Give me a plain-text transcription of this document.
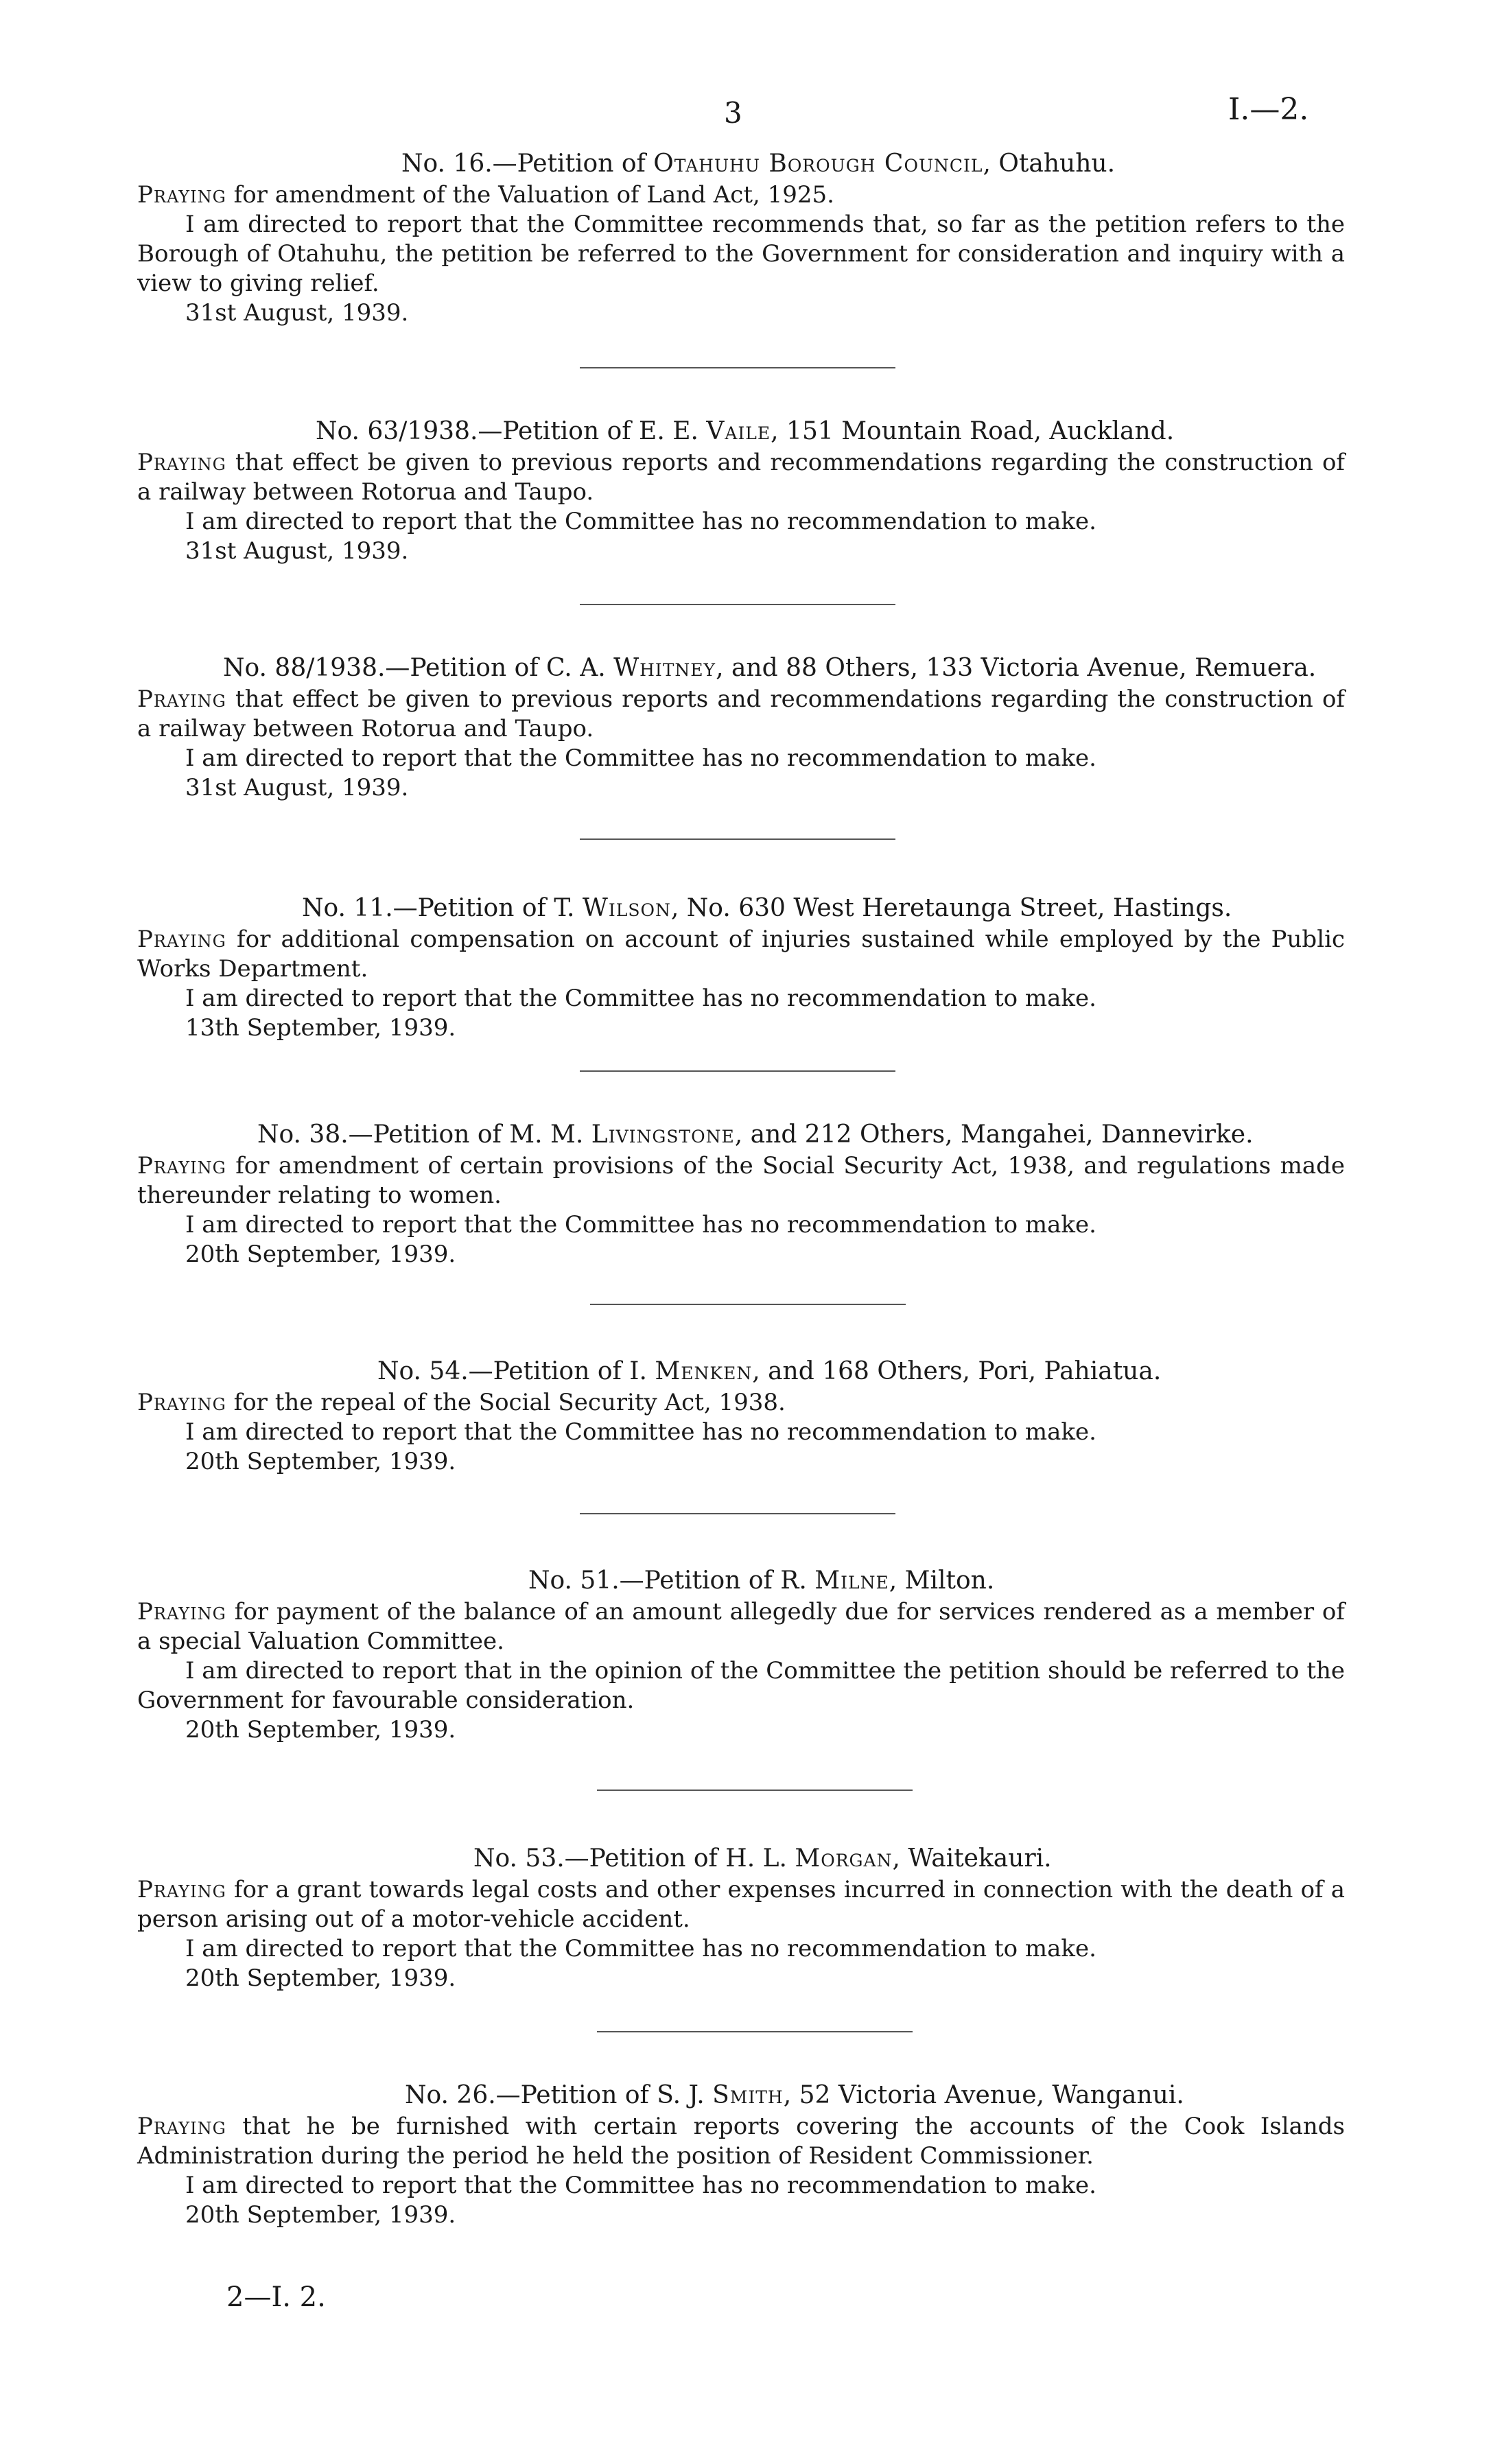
3	I.—2.
No. 16.—Petition of Otahuhu Borough Council, Otahuhu.
Praying for amendment of the Valuation of Land Act, 1925.
I am directed to report that the Committee recommends that, so far as the petition refers to the Borough of Otahuhu, the petition be referred to the Government for consideration and inquiry with a view to giving relief.
31st August, 1939.
No. 63/1938.—Petition of E. E. Vaile, 151 Mountain Road, Auckland.
Praying that effect be given to previous reports and recommendations regarding the construction of a railway between Rotorua and Taupo.
I am directed to report that the Committee has no recommendation to make.
31st August, 1939.
No. 88/1938.—Petition of C. A. Whitney, and 88 Others, 133 Victoria Avenue, Remuera.
Praying that effect be given to previous reports and recommendations regarding the construction of a railway between Rotorua and Taupo.
I am directed to report that the Committee has no recommendation to make.
31st August, 1939.
No. 11.—Petition of T. Wilson, No. 630 West Heretaunga Street, Hastings.
Praying for additional compensation on account of injuries sustained while employed by the Public Works Department.
I am directed to report that the Committee has no recommendation to make.
13th September, 1939.
No. 38.—Petition of M. M. Livingstone, and 212 Others, Mangahei, Dannevirke.
Praying for amendment of certain provisions of the Social Security Act, 1938, and regulations made thereunder relating to women.
I am directed to report that the Committee has no recommendation to make.
20th September, 1939.
No. 54.—Petition of I. Menken, and 168 Others, Pori, Pahiatua.
Praying for the repeal of the Social Security Act, 1938.
I am directed to report that the Committee has no recommendation to make.
20th September, 1939.
No. 51.—Petition of R. Milne, Milton.
Praying for payment of the balance of an amount allegedly due for services rendered as a member of a special Valuation Committee.
I am directed to report that in the opinion of the Committee the petition should be referred to the Government for favourable consideration.
20th September, 1939.
No. 53.—Petition of H. L. Morgan, Waitekauri.
Praying for a grant towards legal costs and other expenses incurred in connection with the death of a person arising out of a motor-vehicle accident.
I am directed to report that the Committee has no recommendation to make.
20th September, 1939.
No. 26.—Petition of S. J. Smith, 52 Victoria Avenue, Wanganui.
Praying that he be furnished with certain reports covering the accounts of the Cook Islands Administration during the period he held the position of Resident Commissioner.
I am directed to report that the Committee has no recommendation to make.
20th September, 1939.
2—I. 2.
